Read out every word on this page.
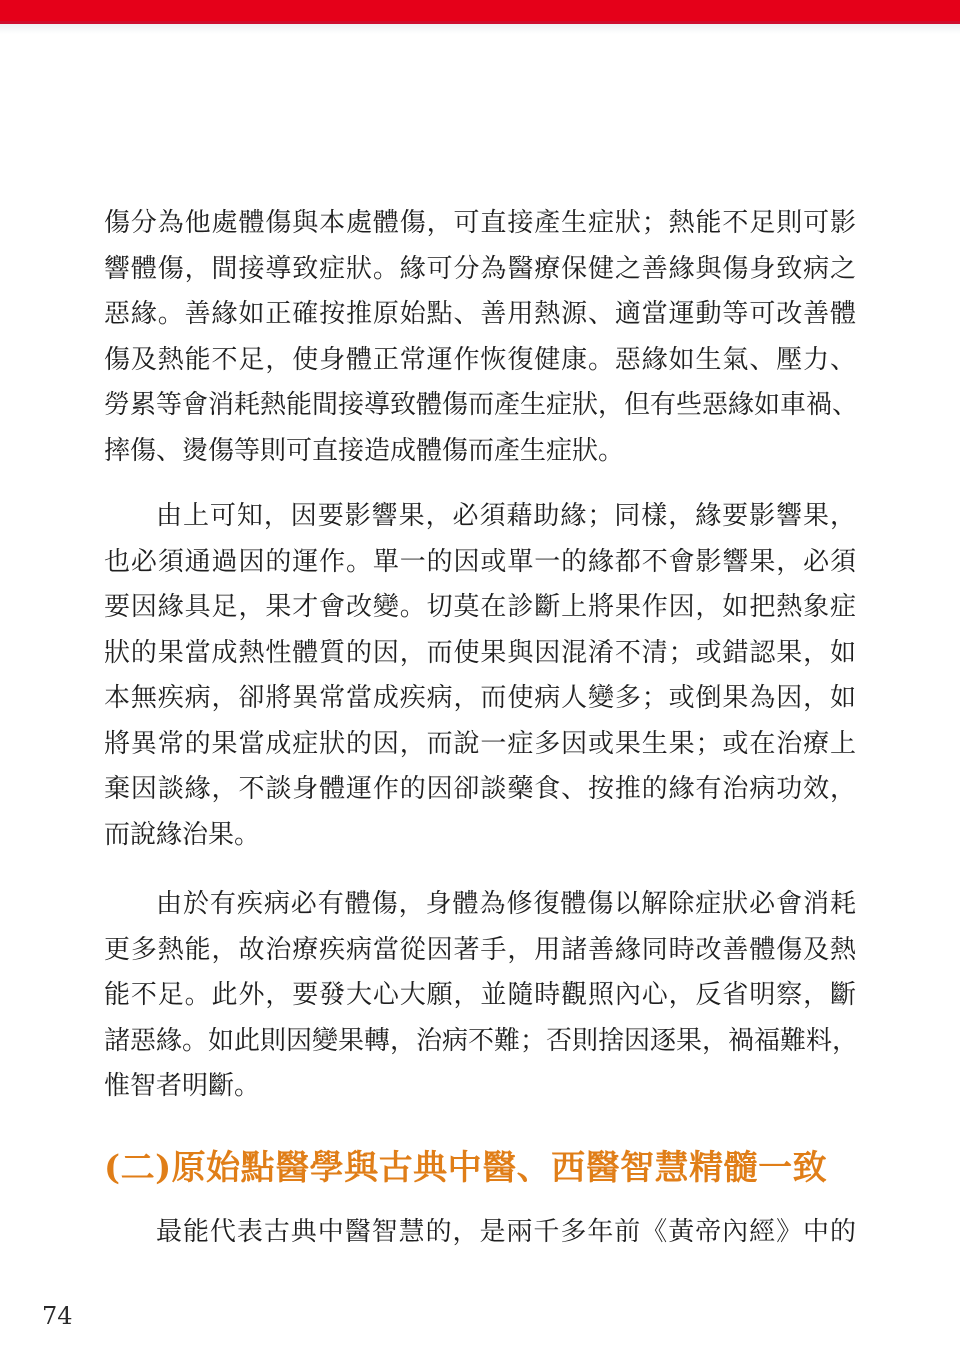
傷分為他處體傷與本處體傷，可直接產生症狀；熱能不足則可影
響體傷，間接導致症狀。緣可分為醫療保健之善緣與傷身致病之
惡緣。善緣如正確按推原始點、善用熱源、適當運動等可改善體
傷及熱能不足，使身體正常運作恢復健康。惡緣如生氣、壓力、
勞累等會消耗熱能間接導致體傷而產生症狀，但有些惡緣如車禍、
摔傷、燙傷等則可直接造成體傷而產生症狀。
由上可知，因要影響果，必須藉助緣；同樣，緣要影響果，
也必須通過因的運作。單一的因或單一的緣都不會影響果，必須
要因緣具足，果才會改變。切莫在診斷上將果作因，如把熱象症
狀的果當成熱性體質的因，而使果與因混淆不清；或錯認果，如
本無疾病，卻將異常當成疾病，而使病人變多；或倒果為因，如
將異常的果當成症狀的因，而說一症多因或果生果；或在治療上
棄因談緣，不談身體運作的因卻談藥食、按推的緣有治病功效，
而說緣治果。
由於有疾病必有體傷，身體為修復體傷以解除症狀必會消耗
更多熱能，故治療疾病當從因著手，用諸善緣同時改善體傷及熱
能不足。此外，要發大心大願，並隨時觀照內心，反省明察，斷
諸惡緣。如此則因變果轉，治病不難；否則捨因逐果，禍福難料，
惟智者明斷。
(二)原始點醫學與古典中醫、西醫智慧精髓一致
最能代表古典中醫智慧的，是兩千多年前《黃帝內經》中的
74
